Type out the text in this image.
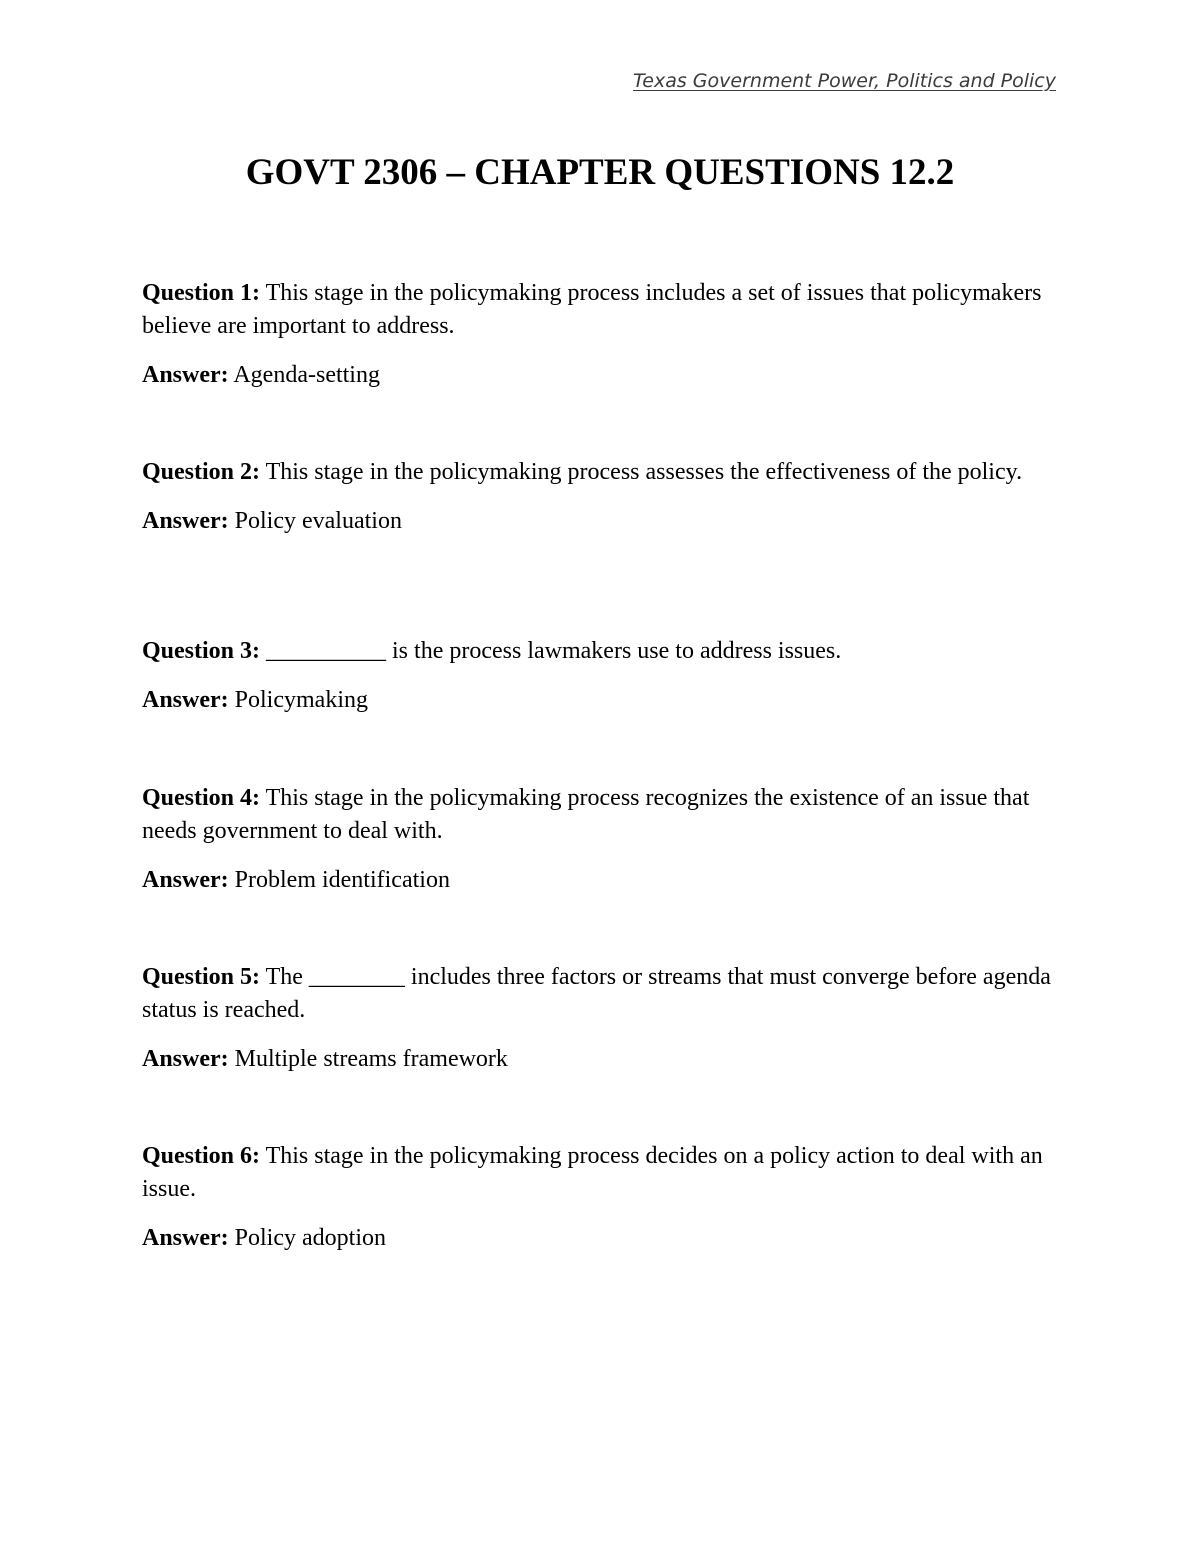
Texas Government Power, Politics and Policy
GOVT 2306 – CHAPTER QUESTIONS 12.2

Question 1: This stage in the policymaking process includes a set of issues that policymakers believe are important to address.

Answer: Agenda-setting

Question 2: This stage in the policymaking process assesses the effectiveness of the policy.

Answer: Policy evaluation

Question 3: __________ is the process lawmakers use to address issues.

Answer: Policymaking

Question 4: This stage in the policymaking process recognizes the existence of an issue that needs government to deal with.

Answer: Problem identification

Question 5: The ________ includes three factors or streams that must converge before agenda status is reached.

Answer: Multiple streams framework

Question 6: This stage in the policymaking process decides on a policy action to deal with an issue.

Answer: Policy adoption
